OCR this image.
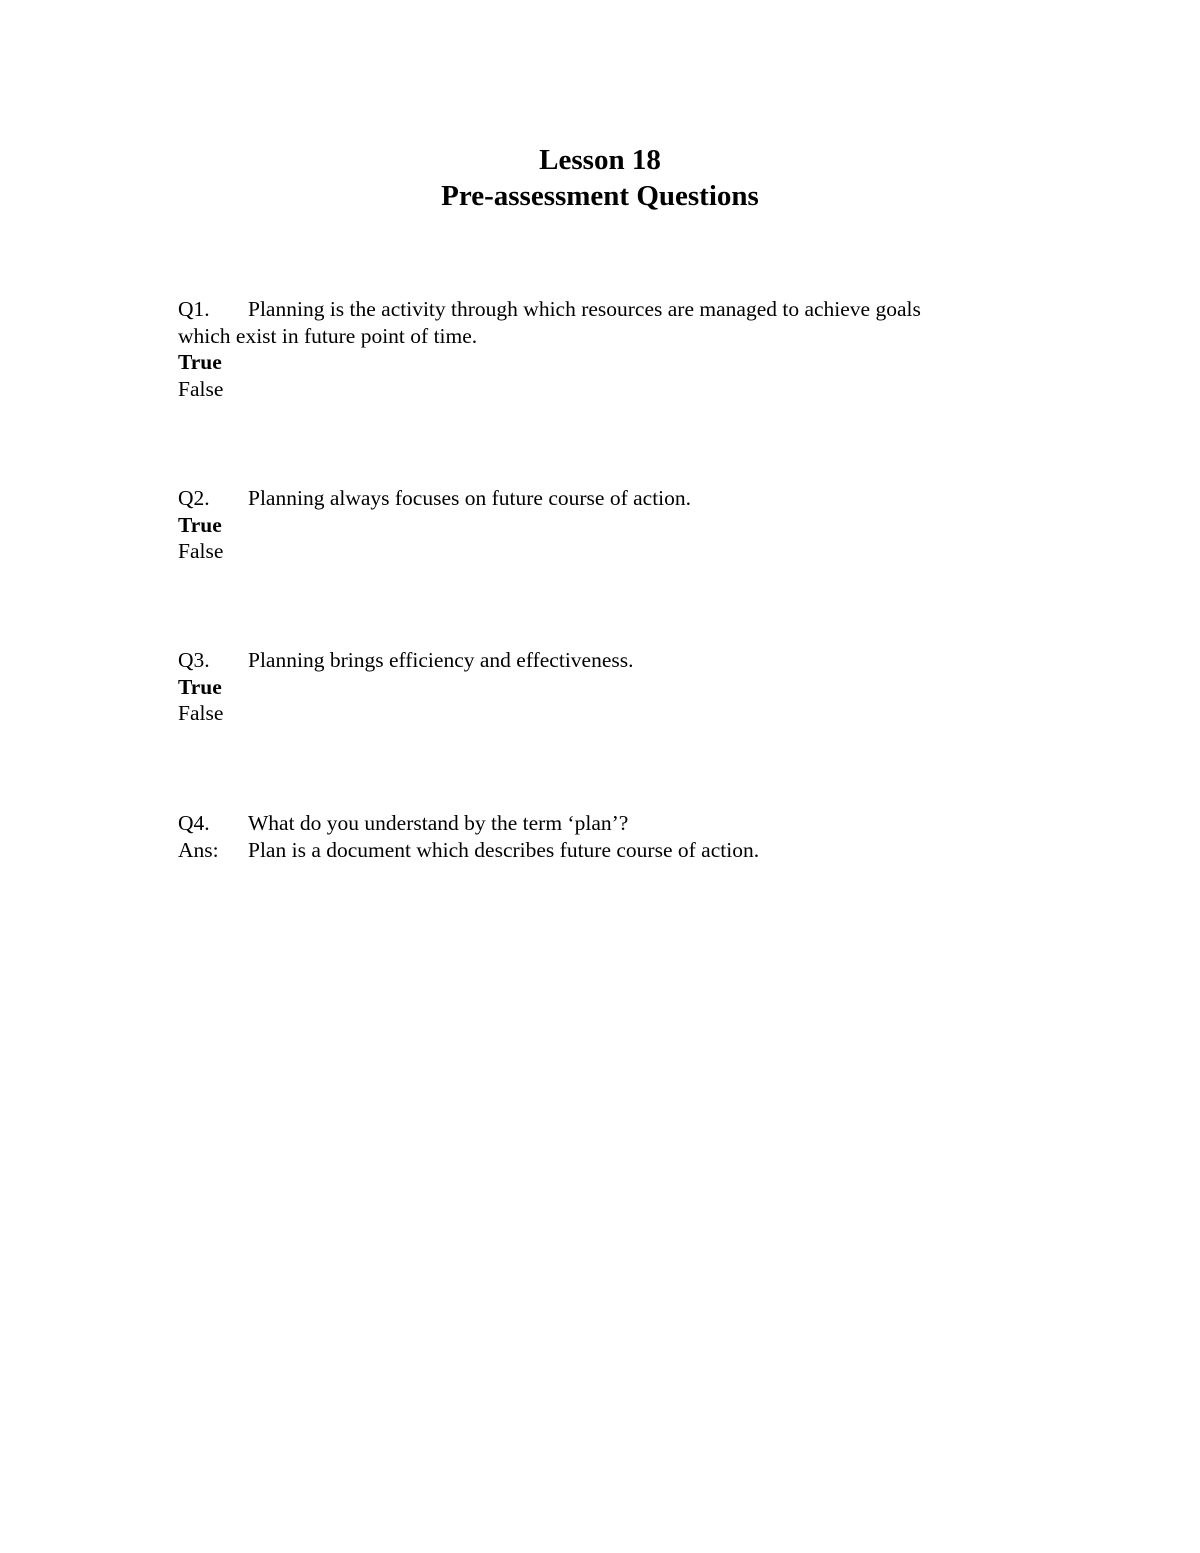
Lesson 18
Pre-assessment Questions
Q1. Planning is the activity through which resources are managed to achieve goals
which exist in future point of time.
True
False
Q2. Planning always focuses on future course of action.
True
False
Q3. Planning brings efficiency and effectiveness.
True
False
Q4. What do you understand by the term ‘plan’?
Ans: Plan is a document which describes future course of action.
